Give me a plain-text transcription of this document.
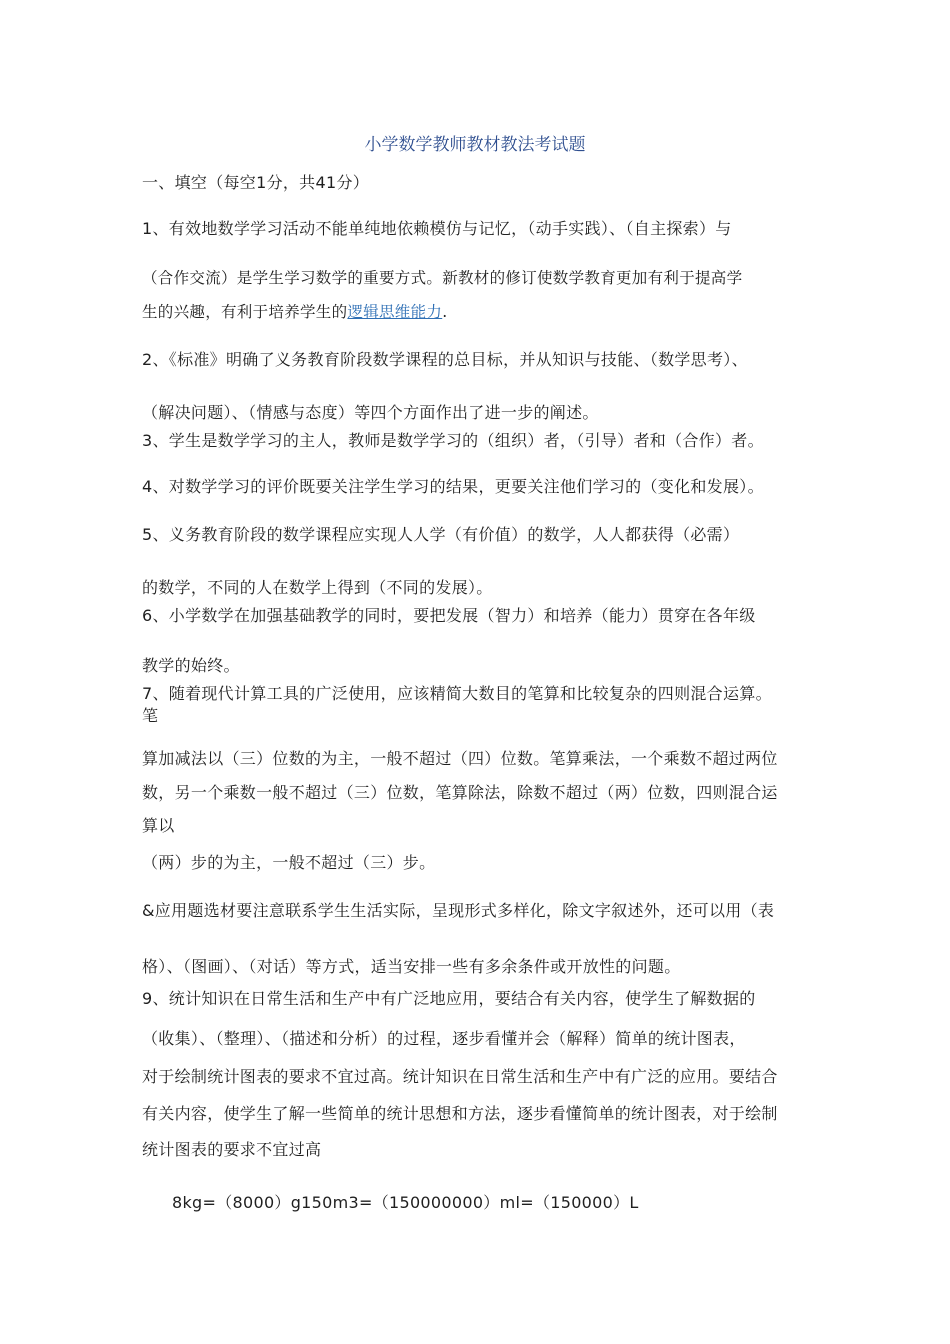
小学数学教师教材教法考试题
一、填空（每空1分，共41分）
1、有效地数学学习活动不能单纯地依赖模仿与记忆，（动手实践）、（自主探索）与
（合作交流）是学生学习数学的重要方式。新教材的修订使数学教育更加有利于提高学
生的兴趣，有利于培养学生的逻辑思维能力.
2、《标准》明确了义务教育阶段数学课程的总目标，并从知识与技能、（数学思考）、
（解决问题）、（情感与态度）等四个方面作出了进一步的阐述。
3、学生是数学学习的主人，教师是数学学习的（组织）者，（引导）者和（合作）者。
4、对数学学习的评价既要关注学生学习的结果，更要关注他们学习的（变化和发展）。
5、义务教育阶段的数学课程应实现人人学（有价值）的数学，人人都获得（必需）
的数学，不同的人在数学上得到（不同的发展）。
6、小学数学在加强基础教学的同时，要把发展（智力）和培养（能力）贯穿在各年级
教学的始终。
7、随着现代计算工具的广泛使用，应该精简大数目的笔算和比较复杂的四则混合运算。
笔
算加减法以（三）位数的为主，一般不超过（四）位数。笔算乘法，一个乘数不超过两位
数，另一个乘数一般不超过（三）位数，笔算除法，除数不超过（两）位数，四则混合运
算以
（两）步的为主，一般不超过（三）步。
&应用题选材要注意联系学生生活实际，呈现形式多样化，除文字叙述外，还可以用（表
格）、（图画）、（对话）等方式，适当安排一些有多余条件或开放性的问题。
9、统计知识在日常生活和生产中有广泛地应用，要结合有关内容，使学生了解数据的
（收集）、（整理）、（描述和分析）的过程，逐步看懂并会（解释）简单的统计图表，
对于绘制统计图表的要求不宜过高。统计知识在日常生活和生产中有广泛的应用。要结合
有关内容，使学生了解一些简单的统计思想和方法，逐步看懂简单的统计图表，对于绘制
统计图表的要求不宜过高
8kg=（8000）g150m3=（150000000）ml=（150000）L
